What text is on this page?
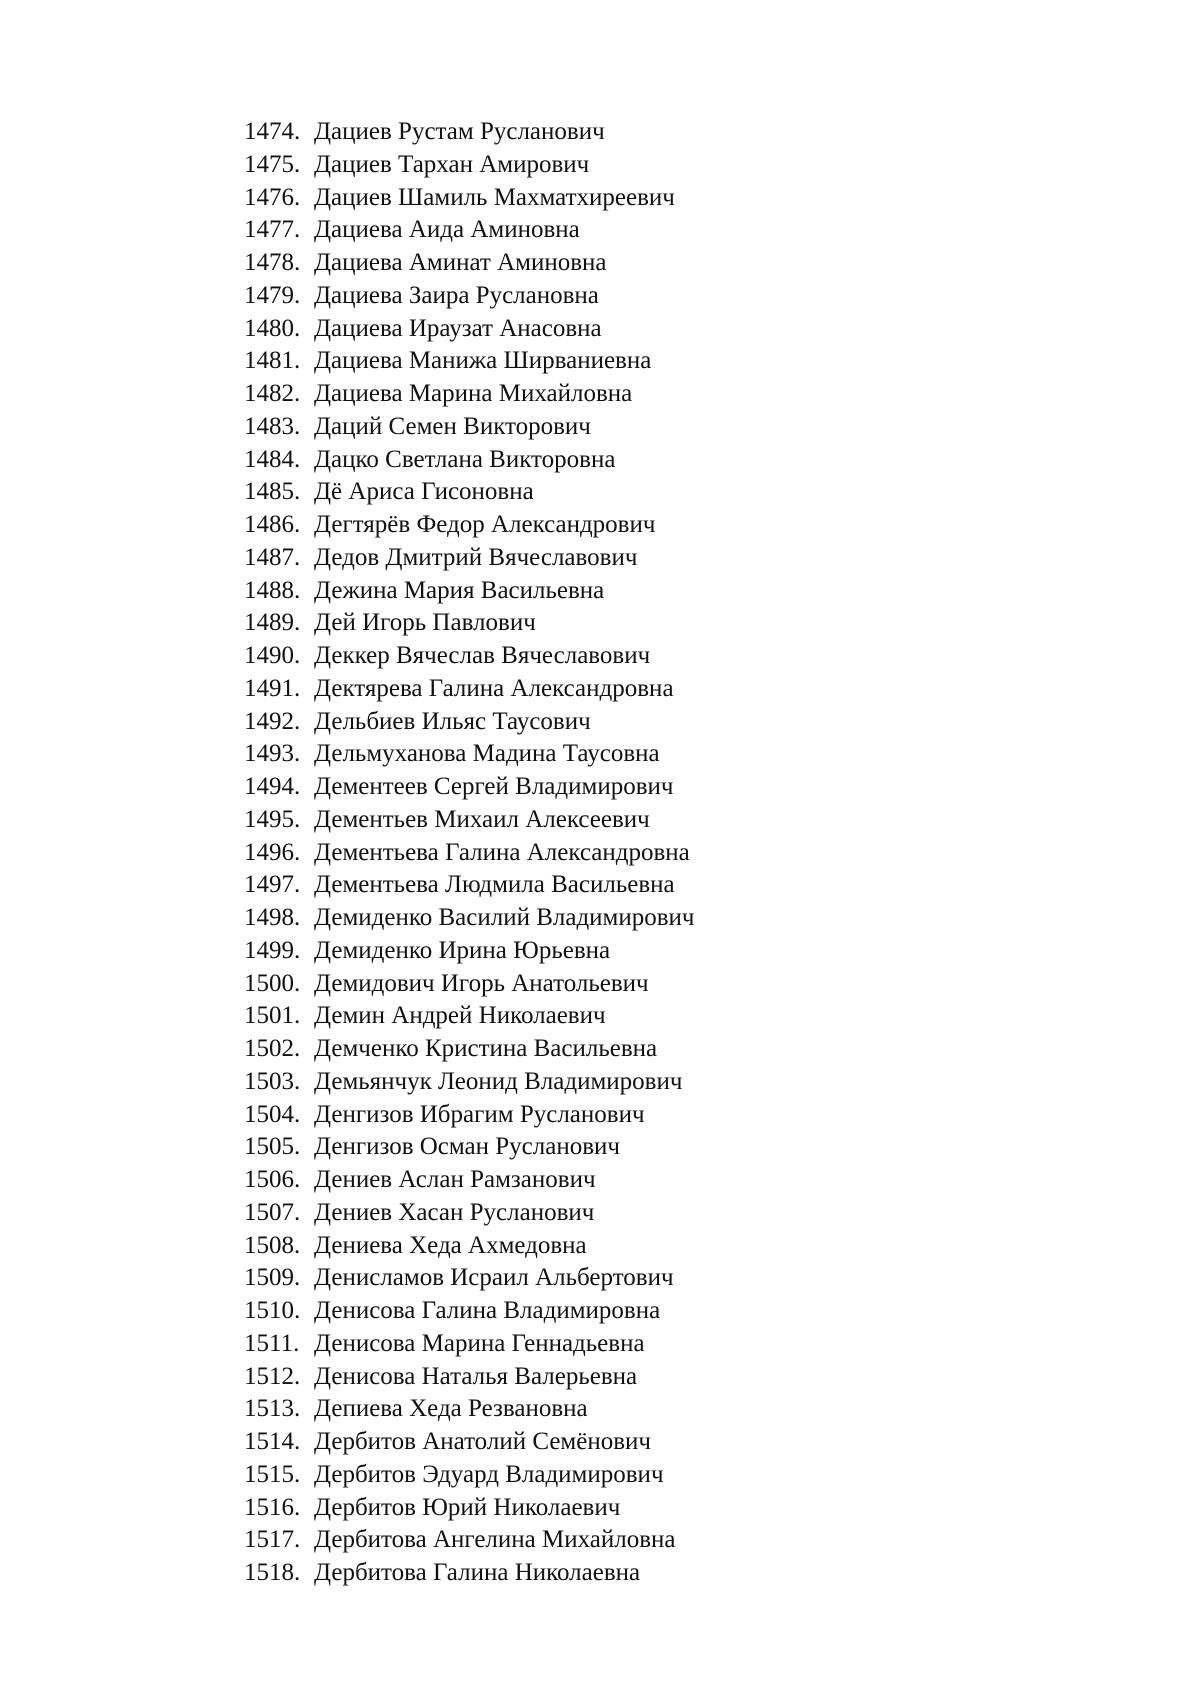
1474. Дациев Рустам Русланович
1475. Дациев Тархан Амирович
1476. Дациев Шамиль Махматхиреевич
1477. Дациева Аида Аминовна
1478. Дациева Аминат Аминовна
1479. Дациева Заира Руслановна
1480. Дациева Ираузат Анасовна
1481. Дациева Манижа Ширваниевна
1482. Дациева Марина Михайловна
1483. Даций Семен Викторович
1484. Дацко Светлана Викторовна
1485. Дё Ариса Гисоновна
1486. Дегтярёв Федор Александрович
1487. Дедов Дмитрий Вячеславович
1488. Дежина Мария Васильевна
1489. Дей Игорь Павлович
1490. Деккер Вячеслав Вячеславович
1491. Дектярева Галина Александровна
1492. Дельбиев Ильяс Таусович
1493. Дельмуханова Мадина Таусовна
1494. Дементеев Сергей Владимирович
1495. Дементьев Михаил Алексеевич
1496. Дементьева Галина Александровна
1497. Дементьева Людмила Васильевна
1498. Демиденко Василий Владимирович
1499. Демиденко Ирина Юрьевна
1500. Демидович Игорь Анатольевич
1501. Демин Андрей Николаевич
1502. Демченко Кристина Васильевна
1503. Демьянчук Леонид Владимирович
1504. Денгизов Ибрагим Русланович
1505. Денгизов Осман Русланович
1506. Дениев Аслан Рамзанович
1507. Дениев Хасан Русланович
1508. Дениева Хеда Ахмедовна
1509. Денисламов Исраил Альбертович
1510. Денисова Галина Владимировна
1511. Денисова Марина Геннадьевна
1512. Денисова Наталья Валерьевна
1513. Депиева Хеда Резвановна
1514. Дербитов Анатолий Семёнович
1515. Дербитов Эдуард Владимирович
1516. Дербитов Юрий Николаевич
1517. Дербитова Ангелина Михайловна
1518. Дербитова Галина Николаевна
